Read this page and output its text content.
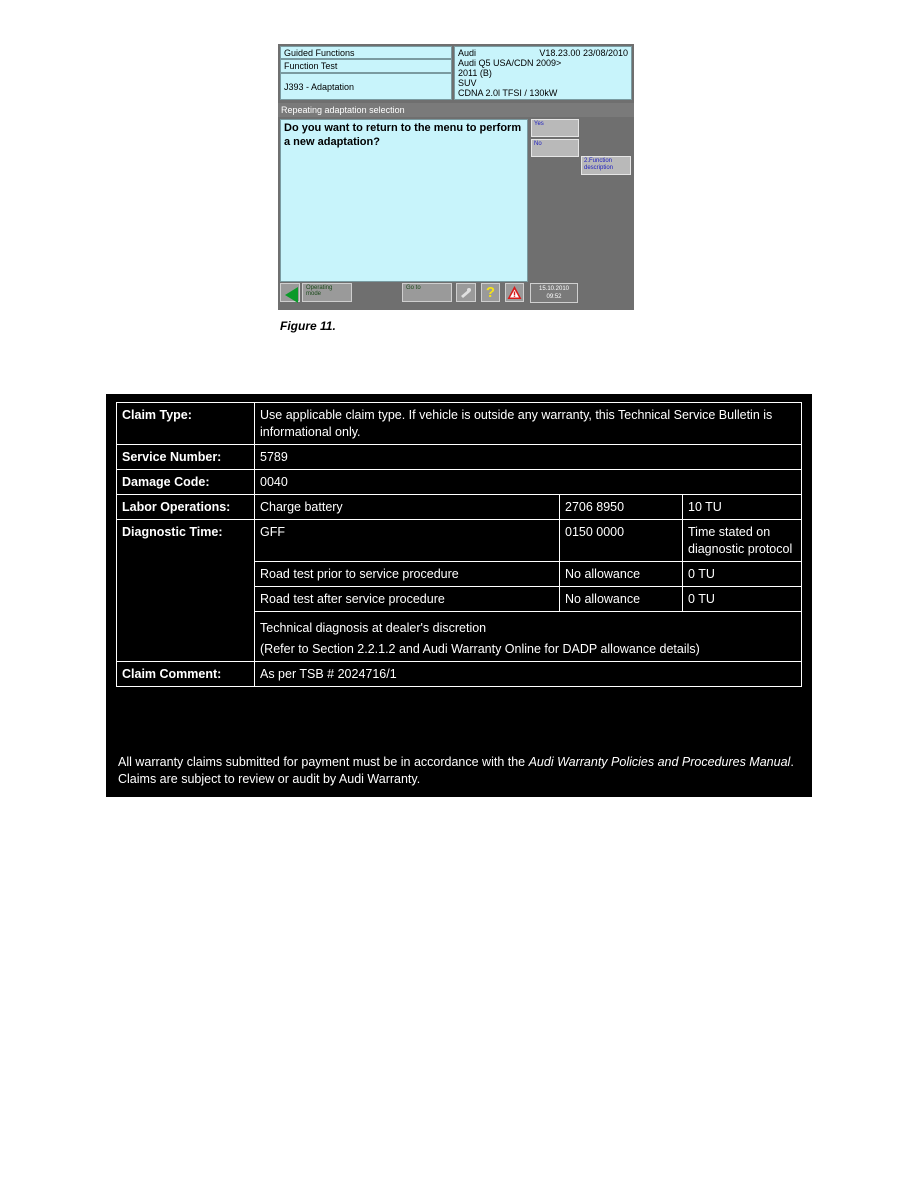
Guided Functions
Function Test
J393 - Adaptation
Audi	V18.23.00 23/08/2010
Audi Q5 USA/CDN 2009>
2011 (B)
SUV
CDNA 2.0l TFSI / 130kW
Repeating adaptation selection
Do you want to return to the menu to perform a new adaptation?
Yes
No
2.Function description
Operating mode
Go to	?	15.10.2010
09:52
Figure 11.
Claim Type:	Use applicable claim type. If vehicle is outside any warranty, this Technical Service Bulletin is informational only.		
Service Number:	5789		
Damage Code:	0040		
Labor Operations:	Charge battery	2706 8950	10 TU
Diagnostic Time:	GFF	0150 0000	Time stated on diagnostic protocol
	Road test prior to service procedure	No allowance	0 TU
	Road test after service procedure	No allowance	0 TU

	Technical diagnosis at dealer's discretion
(Refer to Section 2.2.1.2 and Audi Warranty Online for DADP allowance details)		

Claim Comment:	As per TSB # 2024716/1		
All warranty claims submitted for payment must be in accordance with the Audi Warranty Policies and Procedures Manual. Claims are subject to review or audit by Audi Warranty.
